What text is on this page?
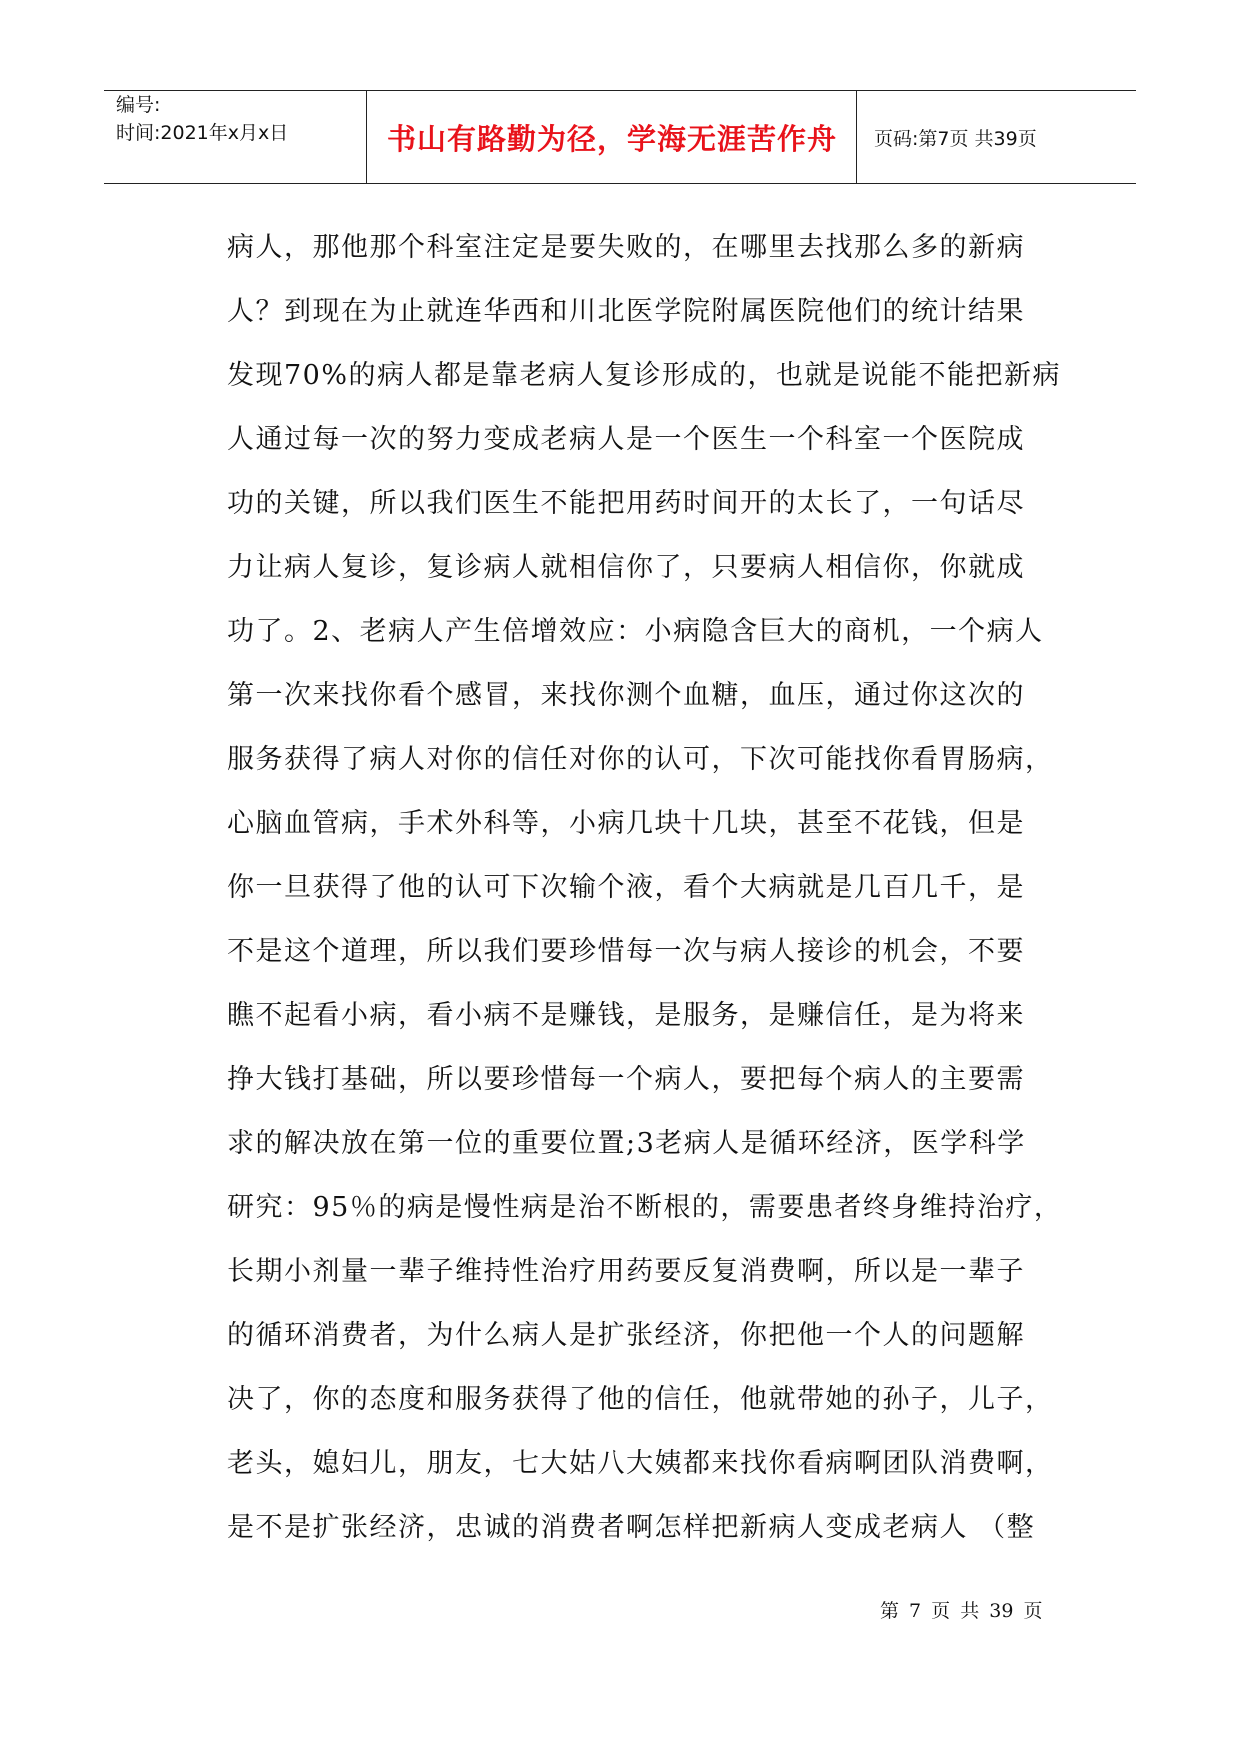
编号:
时间:2021年x月x日	书山有路勤为径，学海无涯苦作舟	页码:第7页 共39页
病人，那他那个科室注定是要失败的，在哪里去找那么多的新病
人？到现在为止就连华西和川北医学院附属医院他们的统计结果
发现70%的病人都是靠老病人复诊形成的，也就是说能不能把新病
人通过每一次的努力变成老病人是一个医生一个科室一个医院成
功的关键，所以我们医生不能把用药时间开的太长了，一句话尽
力让病人复诊，复诊病人就相信你了，只要病人相信你，你就成
功了。2、老病人产生倍增效应：小病隐含巨大的商机，一个病人
第一次来找你看个感冒，来找你测个血糖，血压，通过你这次的
服务获得了病人对你的信任对你的认可，下次可能找你看胃肠病，
心脑血管病，手术外科等，小病几块十几块，甚至不花钱，但是
你一旦获得了他的认可下次输个液，看个大病就是几百几千，是
不是这个道理，所以我们要珍惜每一次与病人接诊的机会，不要
瞧不起看小病，看小病不是赚钱，是服务，是赚信任，是为将来
挣大钱打基础，所以要珍惜每一个病人，要把每个病人的主要需
求的解决放在第一位的重要位置;3老病人是循环经济，医学科学
研究：95％的病是慢性病是治不断根的，需要患者终身维持治疗，
长期小剂量一辈子维持性治疗用药要反复消费啊，所以是一辈子
的循环消费者，为什么病人是扩张经济，你把他一个人的问题解
决了，你的态度和服务获得了他的信任，他就带她的孙子，儿子，
老头，媳妇儿，朋友，七大姑八大姨都来找你看病啊团队消费啊，
是不是扩张经济，忠诚的消费者啊怎样把新病人变成老病人 （整
第 7 页 共 39 页
